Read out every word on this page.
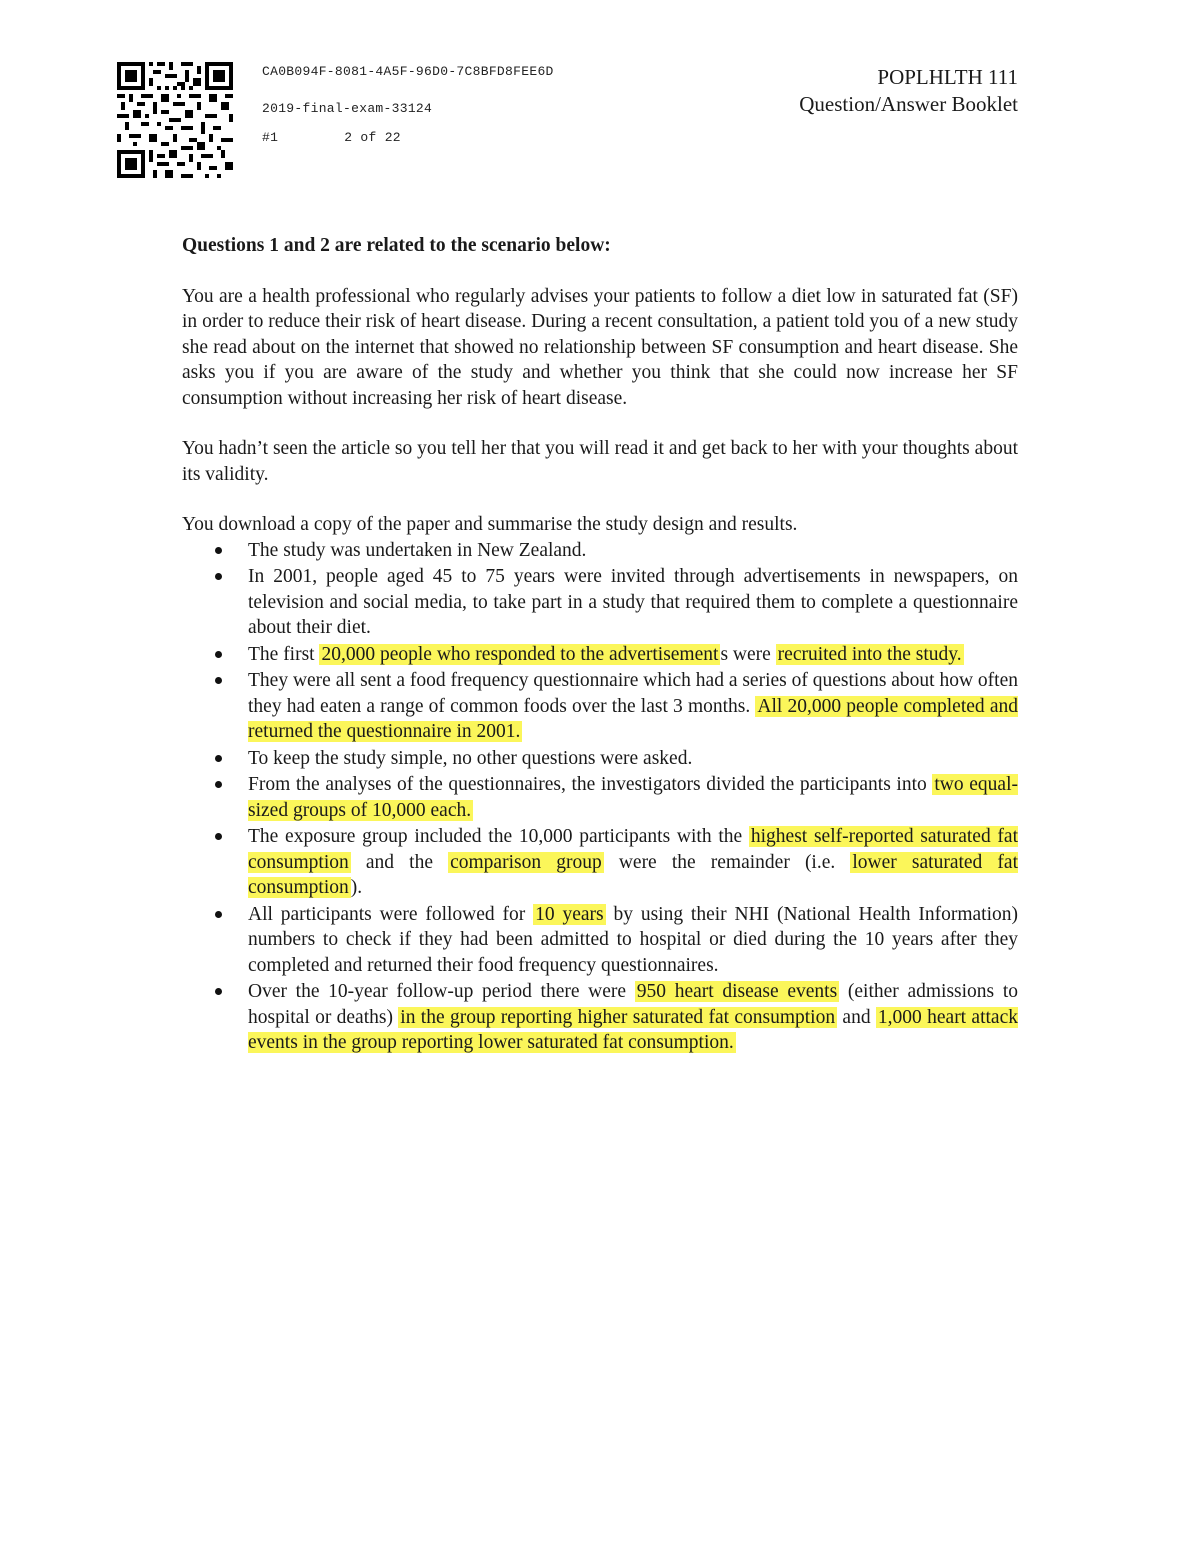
CA0B094F-8081-4A5F-96D0-7C8BFD8FEE6D
2019-final-exam-33124
#1	2 of 22
POPLHLTH 111
Question/Answer Booklet

Questions 1 and 2 are related to the scenario below:

You are a health professional who regularly advises your patients to follow a diet low in saturated fat (SF) in order to reduce their risk of heart disease. During a recent consultation, a patient told you of a new study she read about on the internet that showed no relationship between SF consumption and heart disease. She asks you if you are aware of the study and whether you think that she could now increase her SF consumption without increasing her risk of heart disease.

You hadn’t seen the article so you tell her that you will read it and get back to her with your thoughts about its validity.

You download a copy of the paper and summarise the study design and results.

The study was undertaken in New Zealand.
In 2001, people aged 45 to 75 years were invited through advertisements in newspapers, on television and social media, to take part in a study that required them to complete a questionnaire about their diet.
The first 20,000 people who responded to the advertisement s were recruited into the study.
They were all sent a food frequency questionnaire which had a series of questions about how often they had eaten a range of common foods over the last 3 months. All 20,000 people completed and returned the questionnaire in 2001.
To keep the study simple, no other questions were asked.
From the analyses of the questionnaires, the investigators divided the participants into two equal-sized groups of 10,000 each.
The exposure group included the 10,000 participants with the highest self-reported saturated fat consumption and the comparison group were the remainder (i.e. lower saturated fat consumption ).
All participants were followed for 10 years by using their NHI (National Health Information) numbers to check if they had been admitted to hospital or died during the 10 years after they completed and returned their food frequency questionnaires.
Over the 10-year follow-up period there were 950 heart disease events (either admissions to hospital or deaths) in the group reporting higher saturated fat consumption and 1,000 heart attack events in the group reporting lower saturated fat consumption.
